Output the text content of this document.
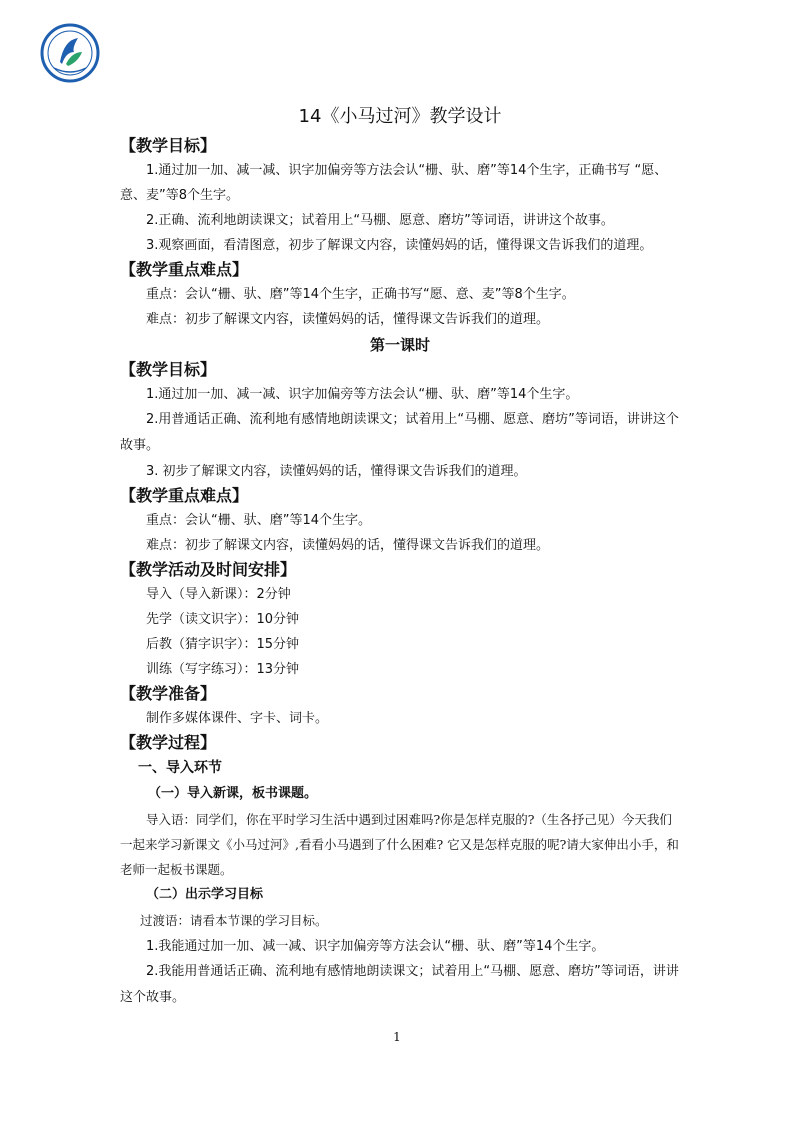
14《小马过河》教学设计

【教学目标】

1.通过加一加、减一减、识字加偏旁等方法会认“栅、驮、磨”等14个生字，正确书写 “愿、意、麦”等8个生字。

2.正确、流利地朗读课文；试着用上“马棚、愿意、磨坊”等词语，讲讲这个故事。

3.观察画面，看清图意，初步了解课文内容，读懂妈妈的话，懂得课文告诉我们的道理。

【教学重点难点】

重点：会认“栅、驮、磨”等14个生字，正确书写“愿、意、麦”等8个生字。

难点：初步了解课文内容，读懂妈妈的话，懂得课文告诉我们的道理。

第一课时

【教学目标】

1.通过加一加、减一减、识字加偏旁等方法会认“栅、驮、磨”等14个生字。

2.用普通话正确、流利地有感情地朗读课文；试着用上“马棚、愿意、磨坊”等词语，讲讲这个故事。

3. 初步了解课文内容，读懂妈妈的话，懂得课文告诉我们的道理。

【教学重点难点】

重点：会认“栅、驮、磨”等14个生字。

难点：初步了解课文内容，读懂妈妈的话，懂得课文告诉我们的道理。

【教学活动及时间安排】

导入（导入新课）：2分钟

先学（读文识字）：10分钟

后教（猜字识字）：15分钟

训练（写字练习）：13分钟

【教学准备】

制作多媒体课件、字卡、词卡。

【教学过程】

一、导入环节

（一）导入新课，板书课题。

导入语：同学们，你在平时学习生活中遇到过困难吗?你是怎样克服的?（生各抒己见）今天我们一起来学习新课文《小马过河》,看看小马遇到了什么困难? 它又是怎样克服的呢?请大家伸出小手，和老师一起板书课题。

（二）出示学习目标

过渡语：请看本节课的学习目标。

1.我能通过加一加、减一减、识字加偏旁等方法会认“栅、驮、磨”等14个生字。

2.我能用普通话正确、流利地有感情地朗读课文；试着用上“马棚、愿意、磨坊”等词语，讲讲这个故事。

1
